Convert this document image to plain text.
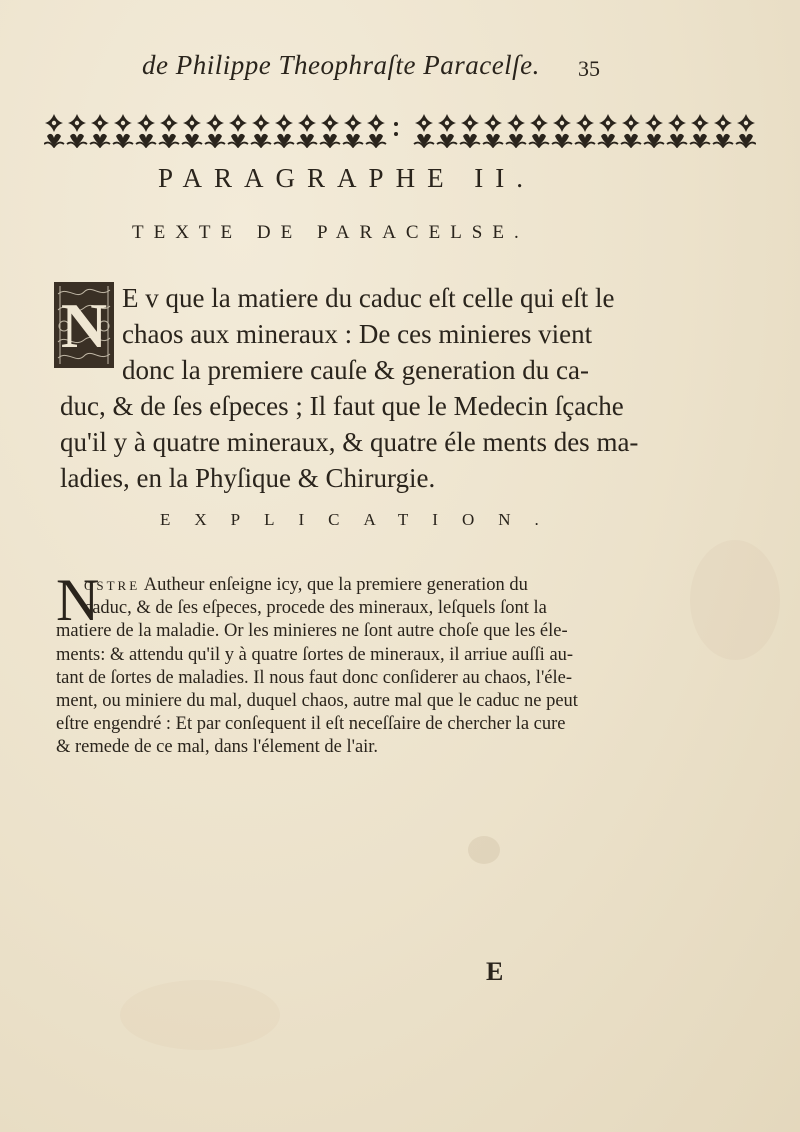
de Philippe Theophraſte Paracelſe. 35
PARAGRAPHE II.
TEXTE DE PARACELSE.
N E v que la matiere du caduc eſt celle qui eſt le
chaos aux mineraux : De ces minieres vient
donc la premiere cauſe & generation du ca-
duc, & de ſes eſpeces ; Il faut que le Medecin ſçache
qu'il y à quatre mineraux, & quatre éle ments des ma-
ladies, en la Phyſique & Chirurgie.
EXPLICATION.
N
OSTRE Autheur enſeigne icy, que la premiere generation du
caduc, & de ſes eſpeces, procede des mineraux, leſquels ſont la
matiere de la maladie. Or les minieres ne ſont autre choſe que les éle-
ments: & attendu qu'il y à quatre ſortes de mineraux, il arriue auſſi au-
tant de ſortes de maladies. Il nous faut donc conſiderer au chaos, l'éle-
ment, ou miniere du mal, duquel chaos, autre mal que le caduc ne peut
eſtre engendré : Et par conſequent il eſt neceſſaire de chercher la cure
& remede de ce mal, dans l'élement de l'air.
E
